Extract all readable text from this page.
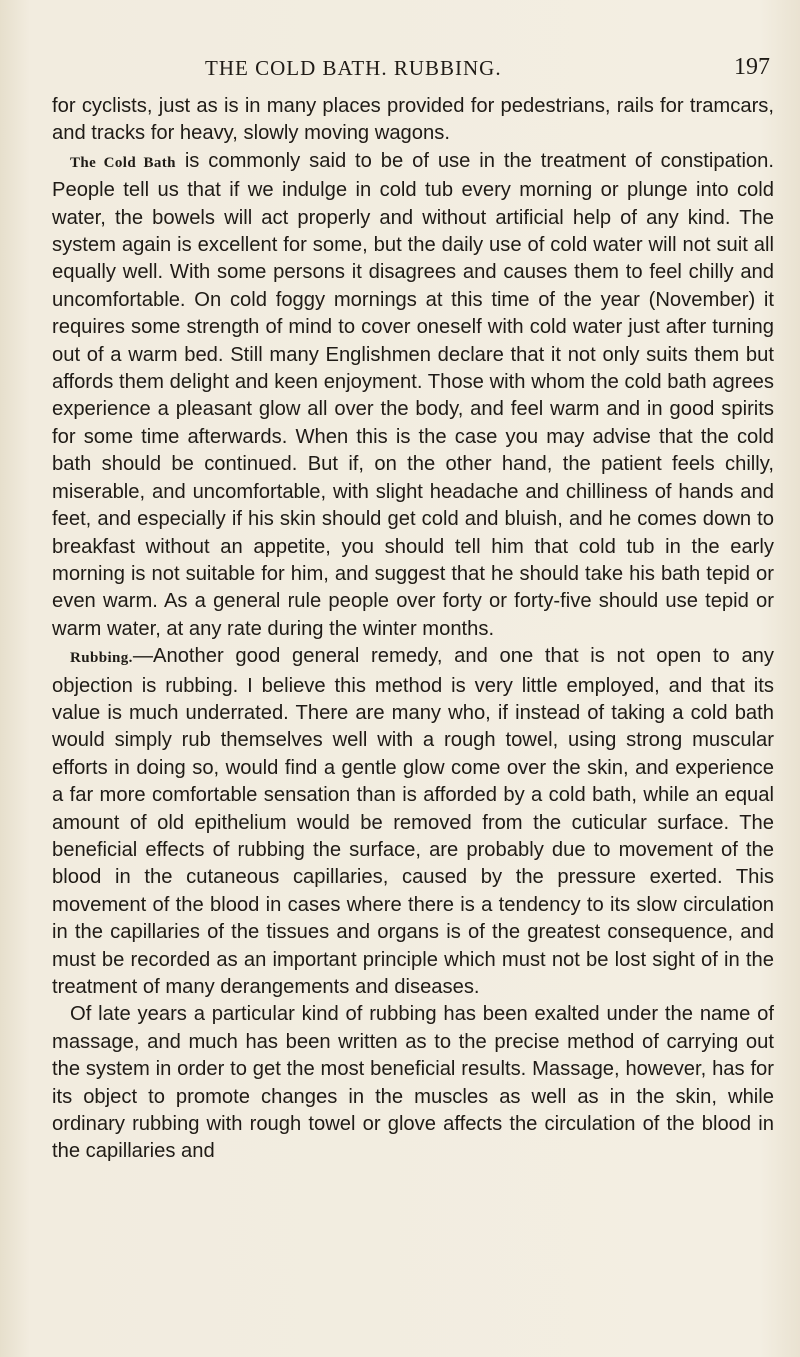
THE COLD BATH. RUBBING.	197

for cyclists, just as is in many places provided for pedestrians, rails for tramcars, and tracks for heavy, slowly moving wagons.

The Cold Bath is commonly said to be of use in the treatment of constipation. People tell us that if we indulge in cold tub every morning or plunge into cold water, the bowels will act properly and without artificial help of any kind. The system again is excellent for some, but the daily use of cold water will not suit all equally well. With some persons it disagrees and causes them to feel chilly and uncomfortable. On cold foggy mornings at this time of the year (November) it requires some strength of mind to cover oneself with cold water just after turning out of a warm bed. Still many Englishmen declare that it not only suits them but affords them delight and keen enjoyment. Those with whom the cold bath agrees experience a pleasant glow all over the body, and feel warm and in good spirits for some time afterwards. When this is the case you may advise that the cold bath should be continued. But if, on the other hand, the patient feels chilly, miserable, and uncomfortable, with slight headache and chilliness of hands and feet, and especially if his skin should get cold and bluish, and he comes down to breakfast without an appetite, you should tell him that cold tub in the early morning is not suitable for him, and suggest that he should take his bath tepid or even warm. As a general rule people over forty or forty-five should use tepid or warm water, at any rate during the winter months.

Rubbing.—Another good general remedy, and one that is not open to any objection is rubbing. I believe this method is very little employed, and that its value is much underrated. There are many who, if instead of taking a cold bath would simply rub themselves well with a rough towel, using strong muscular efforts in doing so, would find a gentle glow come over the skin, and experience a far more comfortable sensation than is afforded by a cold bath, while an equal amount of old epithelium would be removed from the cuticular surface. The beneficial effects of rubbing the surface, are probably due to movement of the blood in the cutaneous capillaries, caused by the pressure exerted. This movement of the blood in cases where there is a tendency to its slow circulation in the capillaries of the tissues and organs is of the greatest consequence, and must be recorded as an important principle which must not be lost sight of in the treatment of many derangements and diseases.

Of late years a particular kind of rubbing has been exalted under the name of massage, and much has been written as to the precise method of carrying out the system in order to get the most beneficial results. Massage, however, has for its object to promote changes in the muscles as well as in the skin, while ordinary rubbing with rough towel or glove affects the circulation of the blood in the capillaries and
